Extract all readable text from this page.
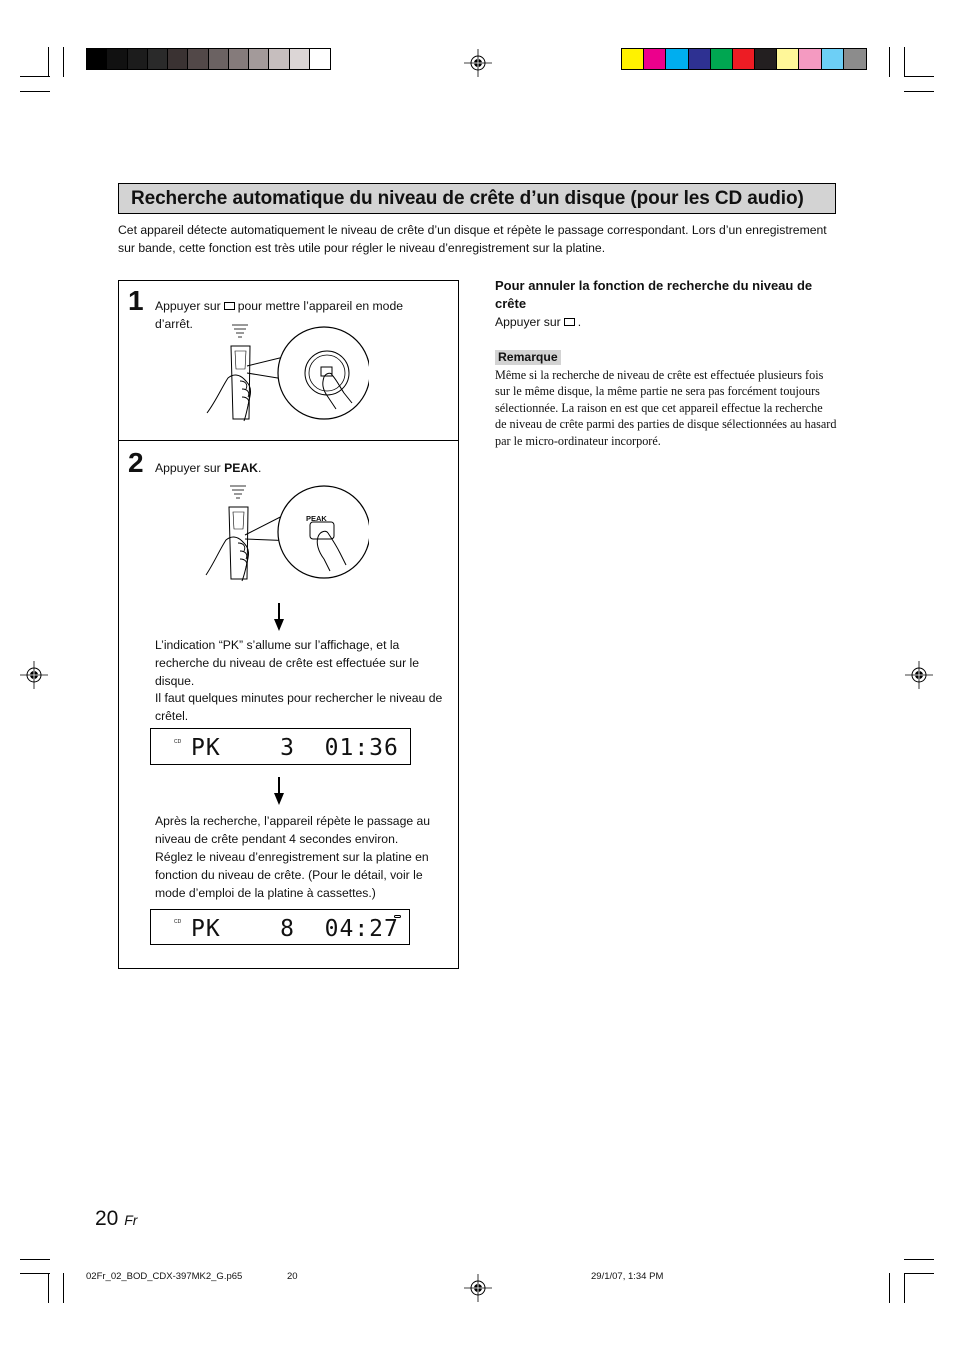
Recherche automatique du niveau de crête d’un disque (pour les CD audio)
Cet appareil détecte automatiquement le niveau de crête d’un disque et répète le passage correspondant. Lors d’un enregistrement sur bande, cette fonction est très utile pour régler le niveau d’enregistrement sur la platine.
1 Appuyer sur pour mettre l’appareil en mode d’arrêt.
2 Appuyer sur PEAK.
PEAK
L’indication “PK” s’allume sur l’affichage, et la recherche du niveau de crête est effectuée sur le disque.
Il faut quelques minutes pour rechercher le niveau de crêtel.
CD PK    3  01:36
Après la recherche, l’appareil répète le passage au niveau de crête pendant 4 secondes environ.
Réglez le niveau d’enregistrement sur la platine en fonction du niveau de crête. (Pour le détail, voir le mode d’emploi de la platine à cassettes.)
CD PK    8  04:27
Pour annuler la fonction de recherche du niveau de crête
Appuyer sur .
Remarque
Même si la recherche de niveau de crête est effectuée plusieurs fois sur le même disque, la même partie ne sera pas forcément toujours sélectionnée. La raison en est que cet appareil effectue la recherche de niveau de crête parmi des parties de disque sélectionnées au hasard par le micro-ordinateur incorporé.
20 Fr
02Fr_02_BOD_CDX-397MK2_G.p65	20	29/1/07, 1:34 PM
